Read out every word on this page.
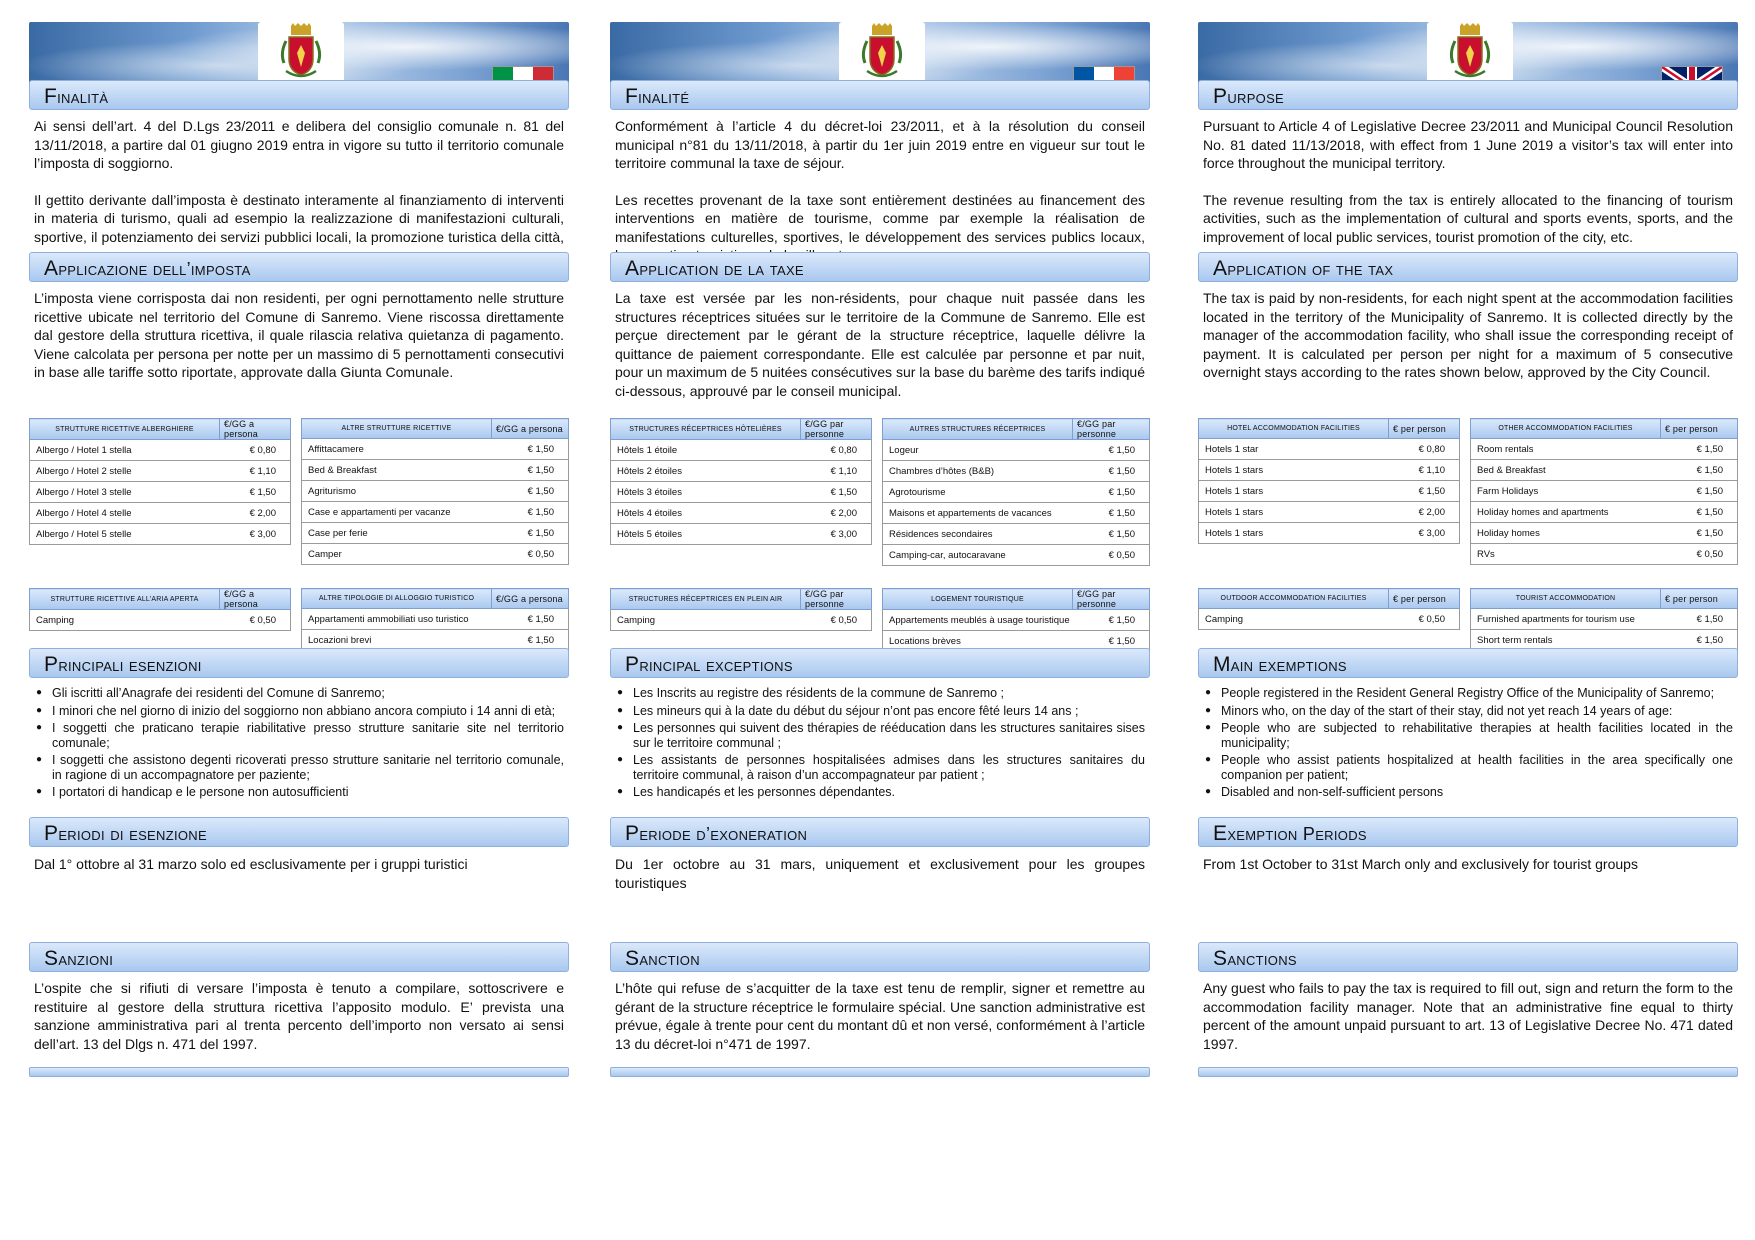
Finalità

Ai sensi dell’art. 4 del D.Lgs 23/2011 e delibera del consiglio comunale n. 81 del 13/11/2018, a partire dal 01 giugno 2019 entra in vigore su tutto il territorio comunale l’imposta di soggiorno.

Il gettito derivante dall’imposta è destinato interamente al finanziamento di interventi in materia di turismo, quali ad esempio la realizzazione di manifestazioni culturali, sportive, il potenziamento dei servizi pubblici locali, la promozione turistica della città,

Applicazione dell’imposta
L’imposta viene corrisposta dai non residenti, per ogni pernottamento nelle strutture ricettive ubicate nel territorio del Comune di Sanremo. Viene riscossa direttamente dal gestore della struttura ricettiva, il quale rilascia relativa quietanza di pagamento. Viene calcolata per persona per notte per un massimo di 5 pernottamenti consecutivi in base alle tariffe sotto riportate, approvate dalla Giunta Comunale.
STRUTTURE RICETTIVE ALBERGHIERE	€/GG a persona
Albergo / Hotel 1 stella	€ 0,80
Albergo / Hotel 2 stelle	€ 1,10
Albergo / Hotel 3 stelle	€ 1,50
Albergo / Hotel 4 stelle	€ 2,00
Albergo / Hotel 5 stelle	€ 3,00
ALTRE STRUTTURE RICETTIVE	€/GG a persona
Affittacamere	€ 1,50
Bed & Breakfast	€ 1,50
Agriturismo	€ 1,50
Case e appartamenti per vacanze	€ 1,50
Case per ferie	€ 1,50
Camper	€ 0,50
STRUTTURE RICETTIVE ALL’ARIA APERTA	€/GG a persona
Camping	€ 0,50
ALTRE TIPOLOGIE DI ALLOGGIO TURISTICO	€/GG a persona
Appartamenti ammobiliati uso turistico	€ 1,50
Locazioni brevi	€ 1,50
Principali esenzioni
● Gli iscritti all’Anagrafe dei residenti del Comune di Sanremo;
● I minori che nel giorno di inizio del soggiorno non abbiano ancora compiuto i 14 anni di età;
● I soggetti che praticano terapie riabilitative presso strutture sanitarie site nel territorio comunale;
● I soggetti che assistono degenti ricoverati presso strutture sanitarie nel territorio comunale, in ragione di un accompagnatore per paziente;
● I portatori di handicap e le persone non autosufficienti
Periodi di esenzione
Dal 1° ottobre al 31 marzo solo ed esclusivamente per i gruppi turistici
Sanzioni
L’ospite che si rifiuti di versare l’imposta è tenuto a compilare, sottoscrivere e restituire al gestore della struttura ricettiva l’apposito modulo. E’ prevista una sanzione amministrativa pari al trenta percento dell’importo non versato ai sensi dell’art. 13 del Dlgs n. 471 del 1997.
Finalité

Conformément à l’article 4 du décret-loi 23/2011, et à la résolution du conseil municipal n°81 du 13/11/2018, à partir du 1er juin 2019 entre en vigueur sur tout le territoire communal la taxe de séjour.

Les recettes provenant de la taxe sont entièrement destinées au financement des interventions en matière de tourisme, comme par exemple la réalisation de manifestations culturelles, sportives, le développement des services publics locaux,

Application de la taxe
La taxe est versée par les non-résidents, pour chaque nuit passée dans les structures réceptrices situées sur le territoire de la Commune de Sanremo. Elle est perçue directement par le gérant de la structure réceptrice, laquelle délivre la quittance de paiement correspondante. Elle est calculée par personne et par nuit, pour un maximum de 5 nuitées consécutives sur la base du barème des tarifs indiqué ci-dessous, approuvé par le conseil municipal.
STRUCTURES RÉCEPTRICES HÔTELIÈRES	€/GG par personne
Hôtels 1 étoile	€ 0,80
Hôtels 2 étoiles	€ 1,10
Hôtels 3 étoiles	€ 1,50
Hôtels 4 étoiles	€ 2,00
Hôtels 5 étoiles	€ 3,00
AUTRES STRUCTURES RÉCEPTRICES	€/GG par personne
Logeur	€ 1,50
Chambres d’hôtes (B&B)	€ 1,50
Agrotourisme	€ 1,50
Maisons et appartements de vacances	€ 1,50
Résidences secondaires	€ 1,50
Camping-car, autocaravane	€ 0,50
STRUCTURES RÉCEPTRICES EN PLEIN AIR	€/GG par personne
Camping	€ 0,50
LOGEMENT TOURISTIQUE	€/GG par personne
Appartements meublés à usage touristique	€ 1,50
Locations brèves	€ 1,50
Principal exceptions
● Les Inscrits au registre des résidents de la commune de Sanremo ;
● Les mineurs qui à la date du début du séjour n’ont pas encore fêté leurs 14 ans ;
● Les personnes qui suivent des thérapies de rééducation dans les structures sanitaires sises sur le territoire communal ;
● Les assistants de personnes hospitalisées admises dans les structures sanitaires du territoire communal, à raison d’un accompagnateur par patient ;
● Les handicapés et les personnes dépendantes.
Periode d’exoneration
Du 1er octobre au 31 mars, uniquement et exclusivement pour les groupes touristiques
Sanction
L’hôte qui refuse de s’acquitter de la taxe est tenu de remplir, signer et remettre au gérant de la structure réceptrice le formulaire spécial. Une sanction administrative est prévue, égale à trente pour cent du montant dû et non versé, conformément à l’article 13 du décret-loi n°471 de 1997.
Purpose

Pursuant to Article 4 of Legislative Decree 23/2011 and Municipal Council Resolution No. 81 dated 11/13/2018, with effect from 1 June 2019 a visitor’s tax will enter into force throughout the municipal territory.

The revenue resulting from the tax is entirely allocated to the financing of tourism activities, such as the implementation of cultural and sports events, sports, and the improvement of local public services, tourist promotion of the city, etc.

Application of the tax
The tax is paid by non-residents, for each night spent at the accommodation facilities located in the territory of the Municipality of Sanremo. It is collected directly by the manager of the accommodation facility, who shall issue the corresponding receipt of payment. It is calculated per person per night for a maximum of 5 consecutive overnight stays according to the rates shown below, approved by the City Council.
HOTEL ACCOMMODATION FACILITIES	€ per person
Hotels 1 star	€ 0,80
Hotels 1 stars	€ 1,10
Hotels 1 stars	€ 1,50
Hotels 1 stars	€ 2,00
Hotels 1 stars	€ 3,00
OTHER ACCOMMODATION FACILITIES	€ per person
Room rentals	€ 1,50
Bed & Breakfast	€ 1,50
Farm Holidays	€ 1,50
Holiday homes and apartments	€ 1,50
Holiday homes	€ 1,50
RVs	€ 0,50
OUTDOOR ACCOMMODATION FACILITIES	€ per person
Camping	€ 0,50
TOURIST ACCOMMODATION	€ per person
Furnished apartments for tourism use	€ 1,50
Short term rentals	€ 1,50
Main exemptions
● People registered in the Resident General Registry Office of the Municipality of Sanremo;
● Minors who, on the day of the start of their stay, did not yet reach 14 years of age:
● People who are subjected to rehabilitative therapies at health facilities located in the municipality;
● People who assist patients hospitalized at health facilities in the area specifically one companion per patient;
● Disabled and non-self-sufficient persons
Exemption Periods
From 1st October to 31st March only and exclusively for tourist groups
Sanctions
Any guest who fails to pay the tax is required to fill out, sign and return the form to the accommodation facility manager. Note that an administrative fine equal to thirty percent of the amount unpaid pursuant to art. 13 of Legislative Decree No. 471 dated 1997.
